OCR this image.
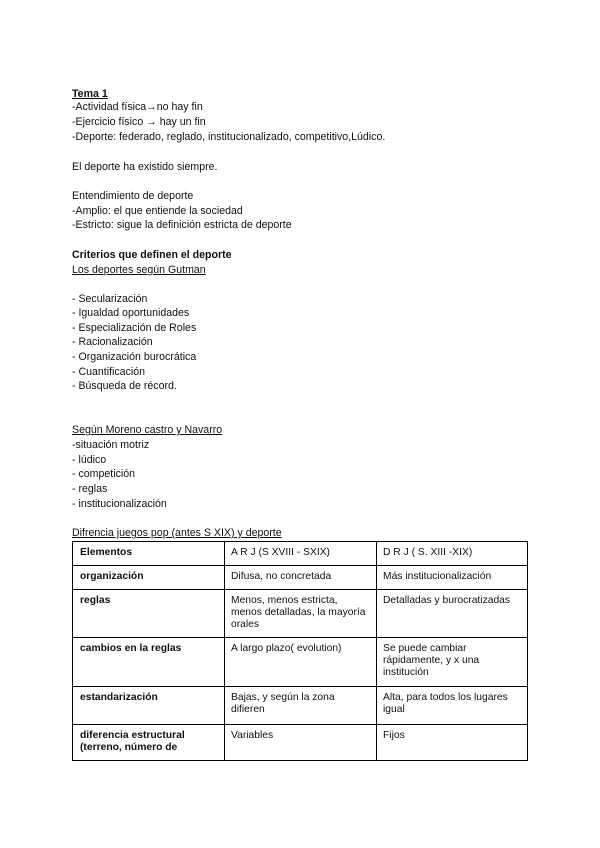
Tema 1
-Actividad física→no hay fin
-Ejercicio físico → hay un fin
-Deporte: federado, reglado, institucionalizado, competitivo,Lúdico.
El deporte ha existido siempre.
Entendimiento de deporte
-Amplio: el que entiende la sociedad
-Estricto: sigue la definición estricta de deporte
Criterios que definen el deporte
Los deportes según Gutman
- Secularización
- Igualdad oportunidades
- Especialización de Roles
- Racionalización
- Organización burocrática
- Cuantificación
- Búsqueda de récord.
Según Moreno castro y Navarro
-situación motriz
- lúdico
- competición
- reglas
- institucionalización
Difrencia juegos pop (antes S XIX) y deporte
Elementos	A R J (S XVIII - SXIX)	D R J ( S. XIII -XIX)
organización	Difusa, no concretada	Más institucionalización
reglas	Menos, menos estricta, menos detalladas, la mayoría orales	Detalladas y burocratizadas
cambios en la reglas	A largo plazo( evolution)	Se puede cambiar rápidamente, y x una institución
estandarización	Bajas, y según la zona difieren	Alta, para todos los lugares igual
diferencia estructural (terreno, número de	Variables	Fijos
